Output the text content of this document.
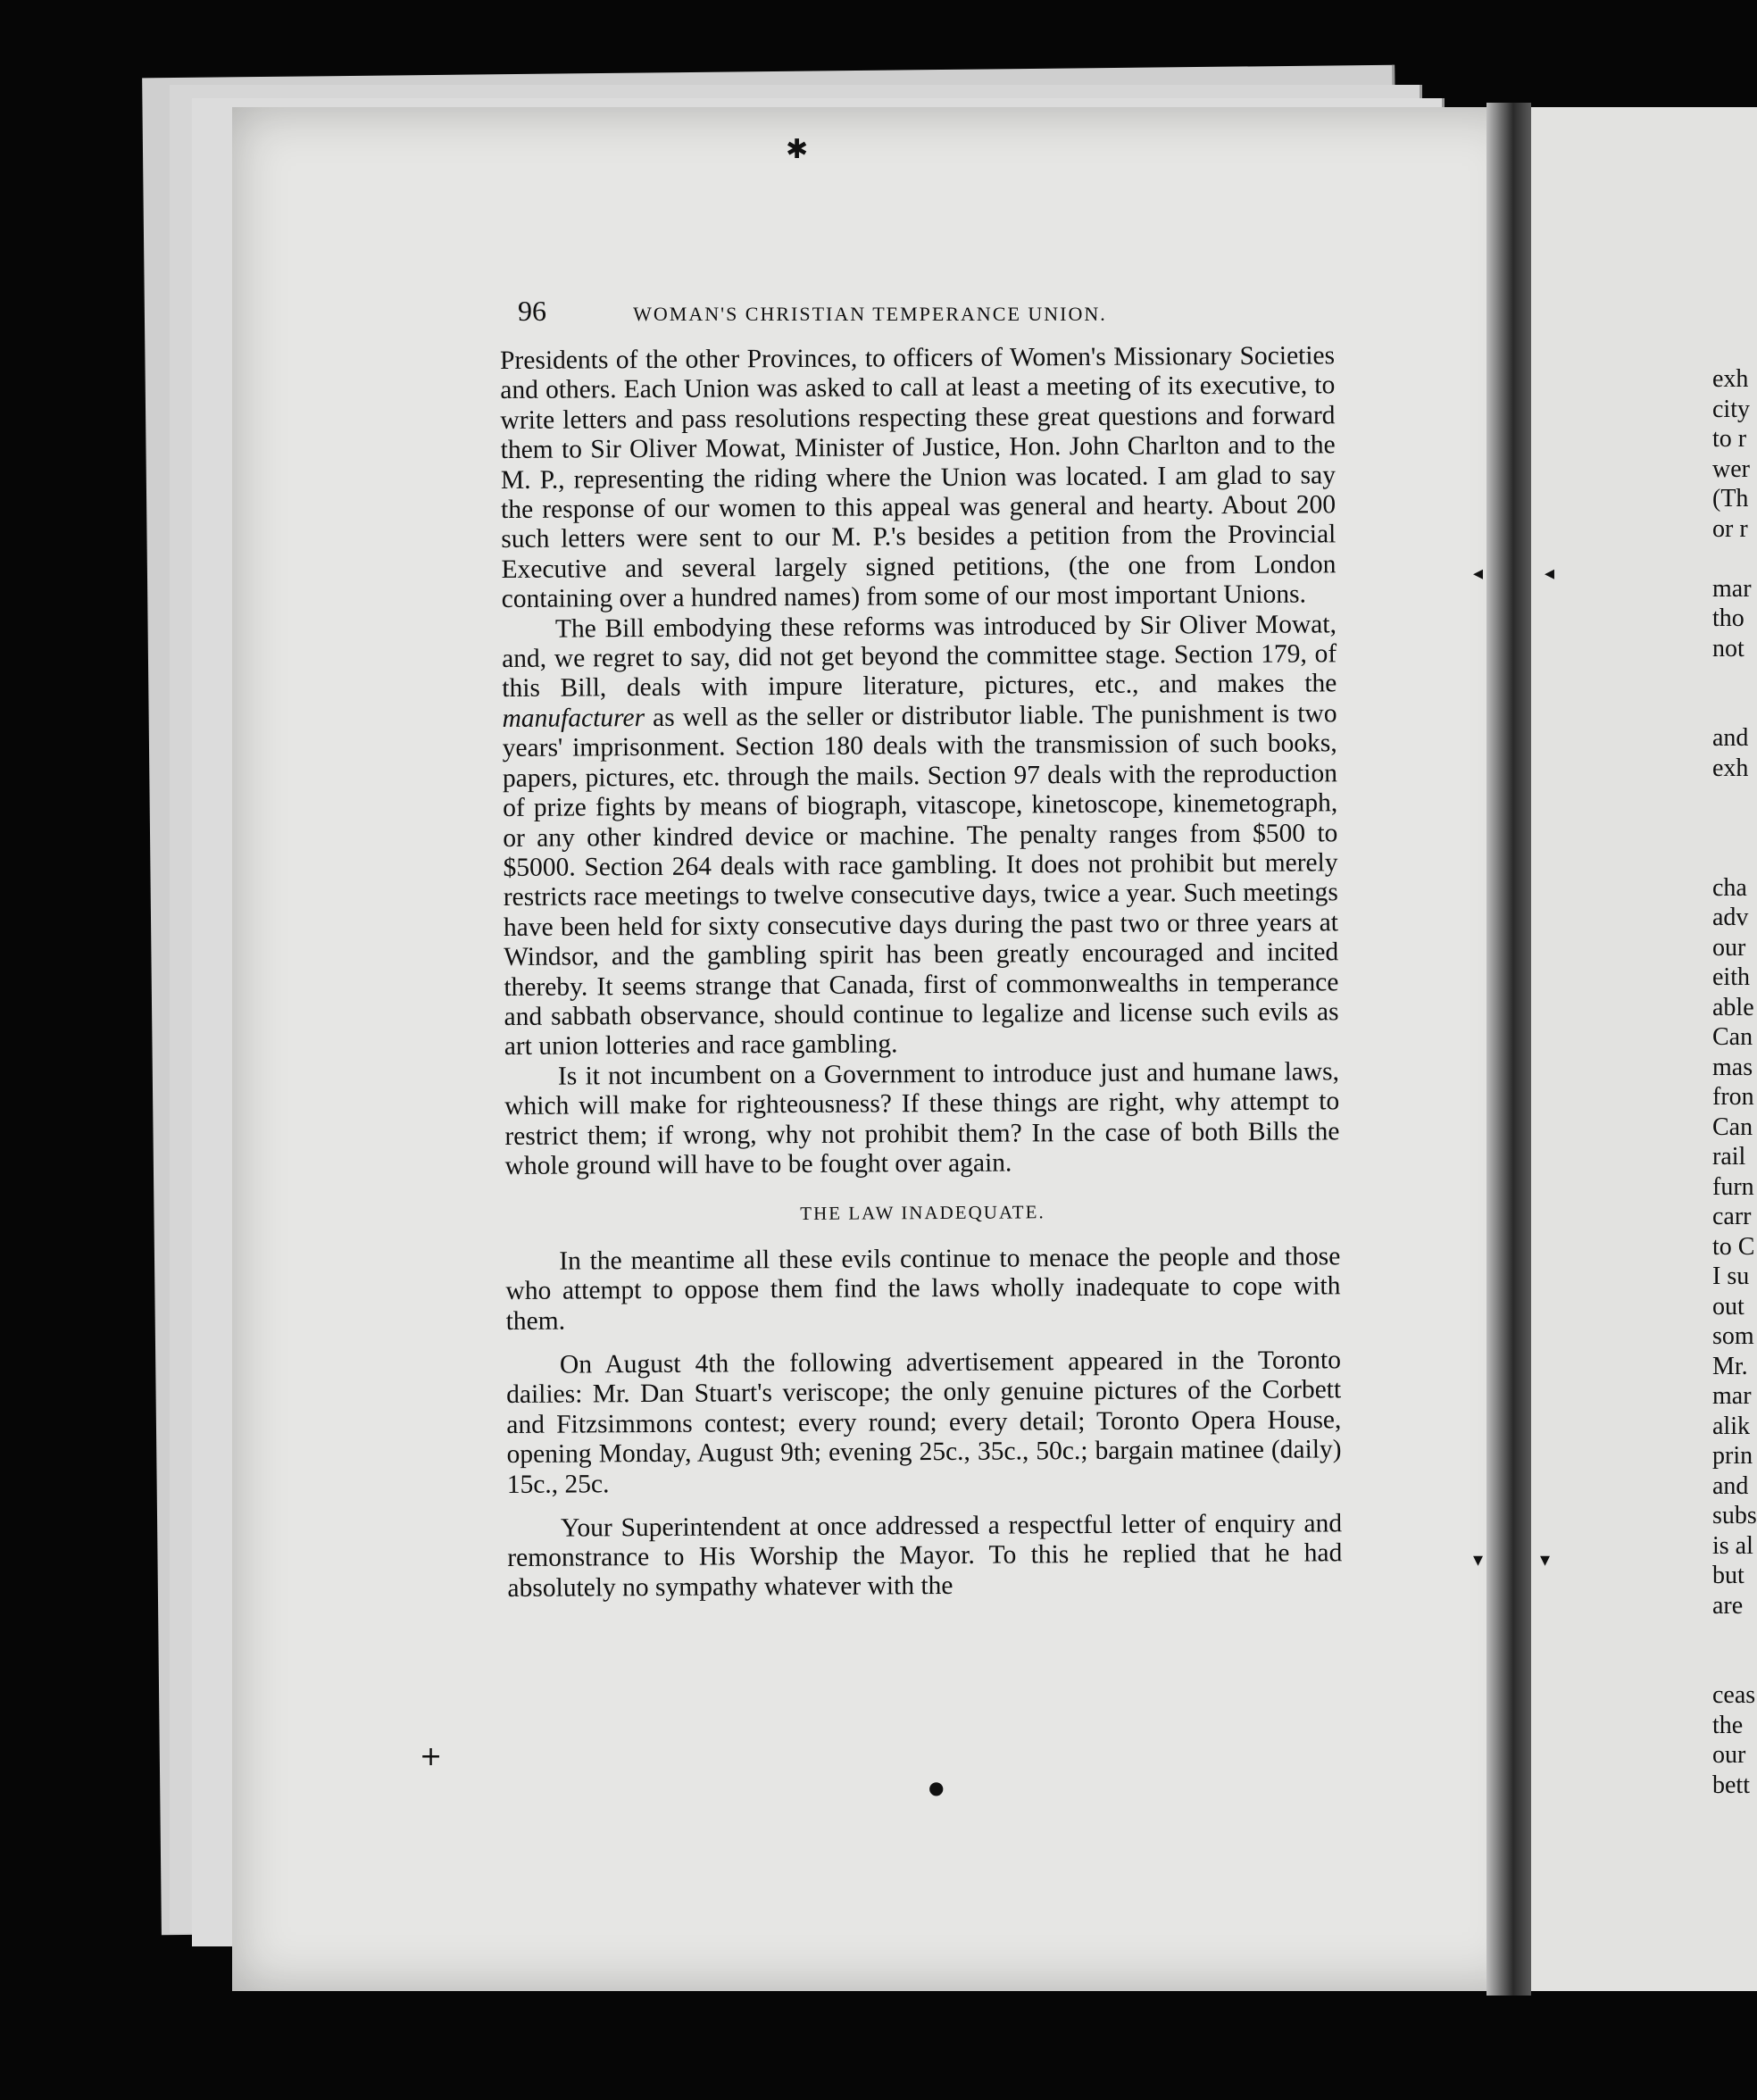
96	WOMAN'S CHRISTIAN TEMPERANCE UNION.

Presidents of the other Provinces, to officers of Women's Missionary Societies and others. Each Union was asked to call at least a meeting of its executive, to write letters and pass resolutions respecting these great questions and forward them to Sir Oliver Mowat, Minister of Justice, Hon. John Charlton and to the M. P., representing the riding where the Union was located. I am glad to say the response of our women to this appeal was general and hearty. About 200 such letters were sent to our M. P.'s besides a petition from the Provincial Executive and several largely signed petitions, (the one from London containing over a hundred names) from some of our most important Unions.

The Bill embodying these reforms was introduced by Sir Oliver Mowat, and, we regret to say, did not get beyond the committee stage. Section 179, of this Bill, deals with impure literature, pictures, etc., and makes the manufacturer as well as the seller or distributor liable. The punishment is two years' imprisonment. Section 180 deals with the transmission of such books, papers, pictures, etc. through the mails. Section 97 deals with the reproduction of prize fights by means of biograph, vitascope, kinetoscope, kinemetograph, or any other kindred device or machine. The penalty ranges from $500 to $5000. Section 264 deals with race gambling. It does not prohibit but merely restricts race meetings to twelve consecutive days, twice a year. Such meetings have been held for sixty consecutive days during the past two or three years at Windsor, and the gambling spirit has been greatly encouraged and incited thereby. It seems strange that Canada, first of commonwealths in temperance and sabbath observance, should continue to legalize and license such evils as art union lotteries and race gambling.

Is it not incumbent on a Government to introduce just and humane laws, which will make for righteousness? If these things are right, why attempt to restrict them; if wrong, why not prohibit them? In the case of both Bills the whole ground will have to be fought over again.

THE LAW INADEQUATE.

In the meantime all these evils continue to menace the people and those who attempt to oppose them find the laws wholly inadequate to cope with them.

On August 4th the following advertisement appeared in the Toronto dailies: Mr. Dan Stuart's veriscope; the only genuine pictures of the Corbett and Fitzsimmons contest; every round; every detail; Toronto Opera House, opening Monday, August 9th; evening 25c., 35c., 50c.; bargain matinee (daily) 15c., 25c.

Your Superintendent at once addressed a respectful letter of enquiry and remonstrance to His Worship the Mayor. To this he replied that he had absolutely no sympathy whatever with the

exh
city
to r
wer
(Th
or r
mar
tho
not
and
exh
cha
adv
our
eith
able
Can
mas
fron
Can
rail
furn
carr
to C
I su
out
som
Mr.
mar
alik
prin
and
subs
is al
but
are
ceas
the
our
bett
✱
◂	◂
▾	▾
●
+
